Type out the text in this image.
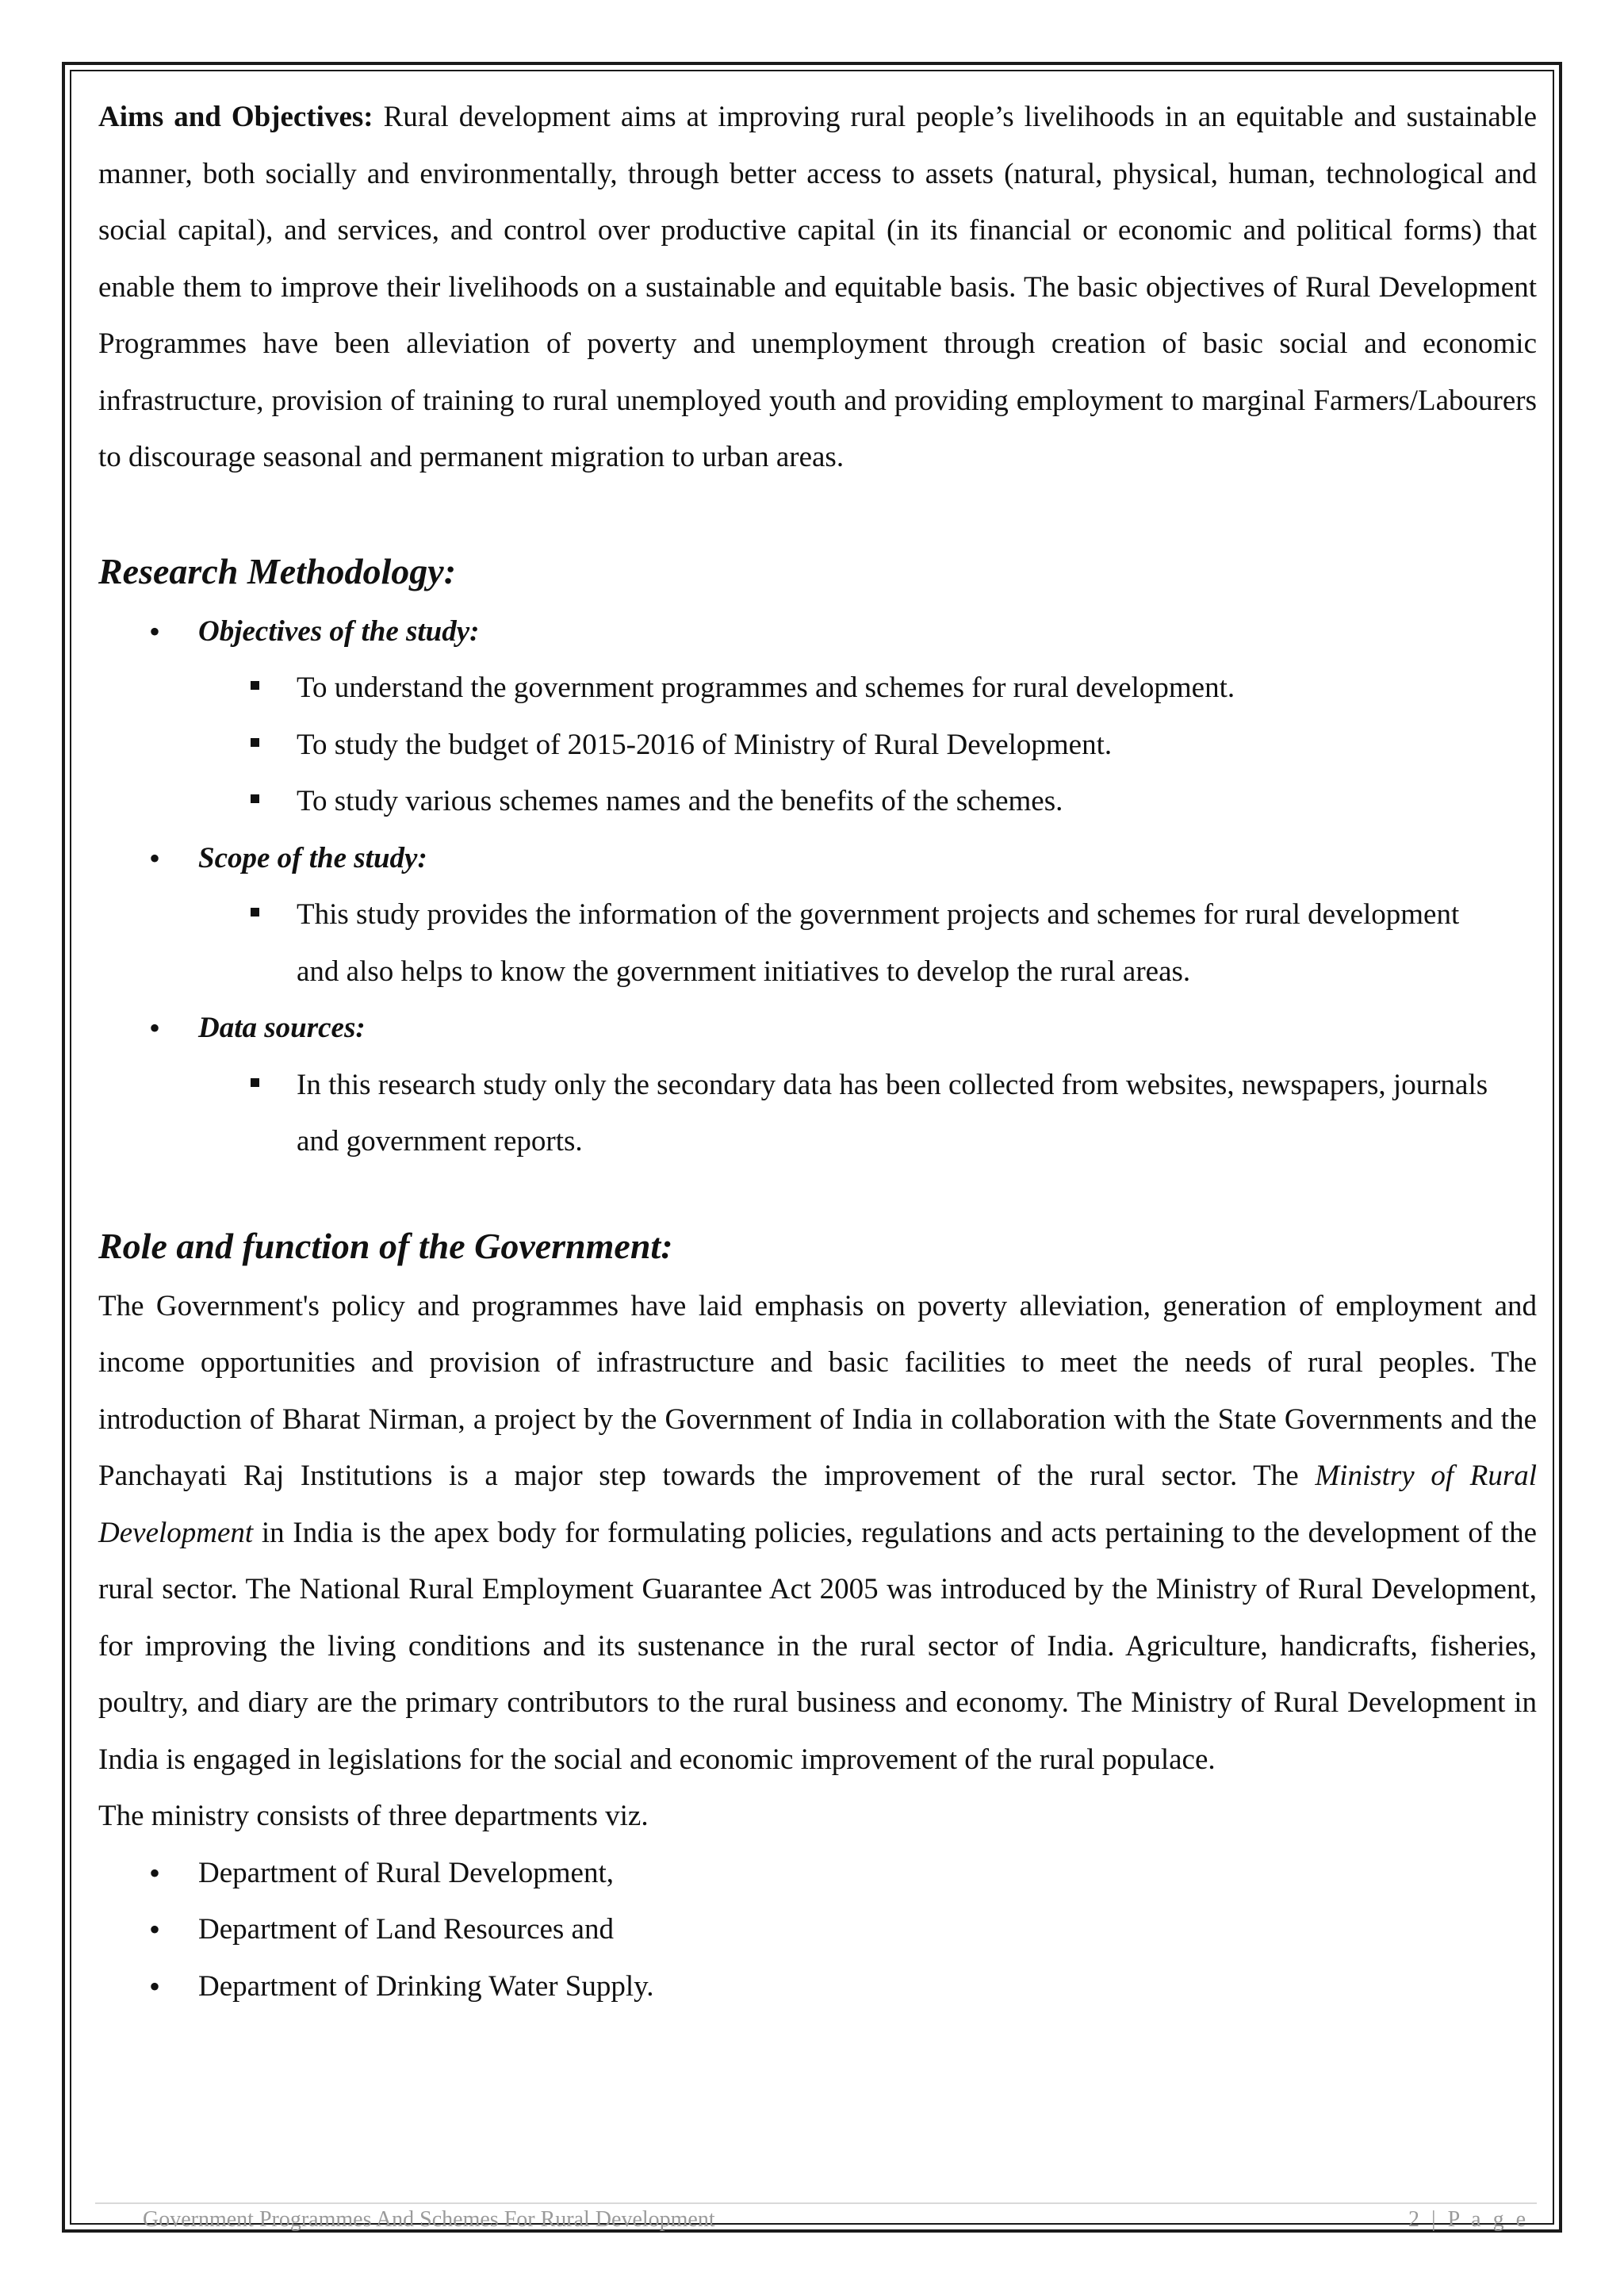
Aims and Objectives: Rural development aims at improving rural people’s livelihoods in an equitable and sustainable manner, both socially and environmentally, through better access to assets (natural, physical, human, technological and social capital), and services, and control over productive capital (in its financial or economic and political forms) that enable them to improve their livelihoods on a sustainable and equitable basis. The basic objectives of Rural Development Programmes have been alleviation of poverty and unemployment through creation of basic social and economic infrastructure, provision of training to rural unemployed youth and providing employment to marginal Farmers/Labourers to discourage seasonal and permanent migration to urban areas.

Research Methodology:
• Objectives of the study:
To understand the government programmes and schemes for rural development.
To study the budget of 2015-2016 of Ministry of Rural Development.
To study various schemes names and the benefits of the schemes.
• Scope of the study:
This study provides the information of the government projects and schemes for rural development and also helps to know the government initiatives to develop the rural areas.
• Data sources:
In this research study only the secondary data has been collected from websites, newspapers, journals and government reports.
Role and function of the Government:

The Government's policy and programmes have laid emphasis on poverty alleviation, generation of employment and income opportunities and provision of infrastructure and basic facilities to meet the needs of rural peoples. The introduction of Bharat Nirman, a project by the Government of India in collaboration with the State Governments and the Panchayati Raj Institutions is a major step towards the improvement of the rural sector. The Ministry of Rural Development in India is the apex body for formulating policies, regulations and acts pertaining to the development of the rural sector. The National Rural Employment Guarantee Act 2005 was introduced by the Ministry of Rural Development, for improving the living conditions and its sustenance in the rural sector of India. Agriculture, handicrafts, fisheries, poultry, and diary are the primary contributors to the rural business and economy. The Ministry of Rural Development in India is engaged in legislations for the social and economic improvement of the rural populace.

The ministry consists of three departments viz.

• Department of Rural Development,
• Department of Land Resources and
• Department of Drinking Water Supply.
Government Programmes And Schemes For Rural Development	2 | P a g e
